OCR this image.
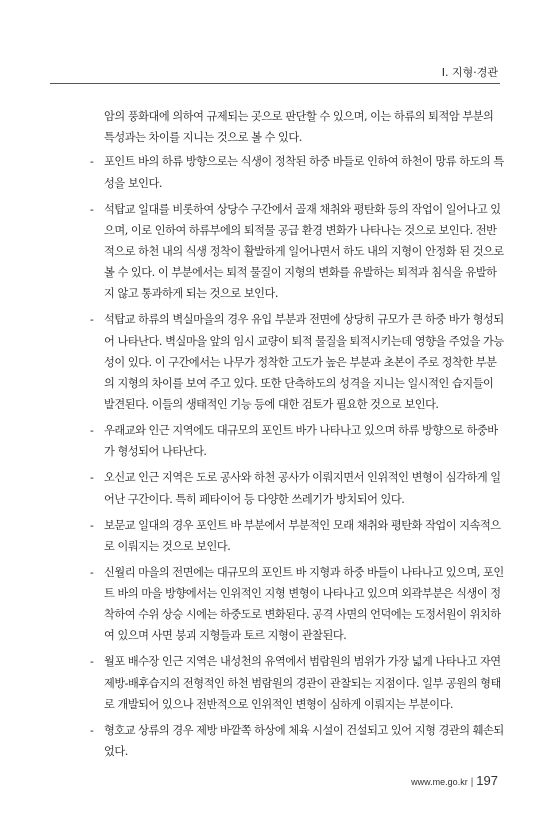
I. 지형·경관

암의 풍화대에 의하여 규제되는 곳으로 판단할 수 있으며, 이는 하류의 퇴적암 부분의 특성과는 차이를 지니는 것으로 볼 수 있다.

- 포인트 바의 하류 방향으로는 식생이 정착된 하중 바들로 인하여 하천이 망류 하도의 특성을 보인다.
- 석탑교 일대를 비롯하여 상당수 구간에서 골재 채취와 평탄화 등의 작업이 일어나고 있으며, 이로 인하여 하류부에의 퇴적물 공급 환경 변화가 나타나는 것으로 보인다. 전반적으로 하천 내의 식생 정착이 활발하게 일어나면서 하도 내의 지형이 안정화 된 것으로 볼 수 있다. 이 부분에서는 퇴적 물질이 지형의 변화를 유발하는 퇴적과 침식을 유발하지 않고 통과하게 되는 것으로 보인다.
- 석탑교 하류의 벽실마을의 경우 유입 부분과 전면에 상당히 규모가 큰 하중 바가 형성되어 나타난다. 벽실마을 앞의 임시 교량이 퇴적 물질을 퇴적시키는데 영향을 주었을 가능성이 있다. 이 구간에서는 나무가 정착한 고도가 높은 부분과 초본이 주로 정착한 부분의 지형의 차이를 보여 주고 있다. 또한 단측하도의 성격을 지니는 일시적인 습지들이 발견된다. 이들의 생태적인 기능 등에 대한 검토가 필요한 것으로 보인다.
- 우래교와 인근 지역에도 대규모의 포인트 바가 나타나고 있으며 하류 방향으로 하중바가 형성되어 나타난다.
- 오신교 인근 지역은 도로 공사와 하천 공사가 이뤄지면서 인위적인 변형이 심각하게 일어난 구간이다. 특히 페타이어 등 다양한 쓰레기가 방치되어 있다.
- 보문교 일대의 경우 포인트 바 부분에서 부분적인 모래 채취와 평탄화 작업이 지속적으로 이뤄지는 것으로 보인다.
- 신월리 마을의 전면에는 대규모의 포인트 바 지형과 하중 바들이 나타나고 있으며, 포인트 바의 마을 방향에서는 인위적인 지형 변형이 나타나고 있으며 외곽부분은 식생이 정착하여 수위 상승 시에는 하중도로 변화된다. 공격 사면의 언덕에는 도정서원이 위치하여 있으며 사면 붕괴 지형들과 토르 지형이 관찰된다.
- 월포 배수장 인근 지역은 내성천의 유역에서 범람원의 범위가 가장 넓게 나타나고 자연제방-배후습지의 전형적인 하천 범람원의 경관이 관찰되는 지점이다. 일부 공원의 형태로 개발되어 있으나 전반적으로 인위적인 변형이 심하게 이뤄지는 부분이다.
- 형호교 상류의 경우 제방 바깥쪽 하상에 체육 시설이 건설되고 있어 지형 경관의 훼손되었다.
www.me.go.kr | 197
